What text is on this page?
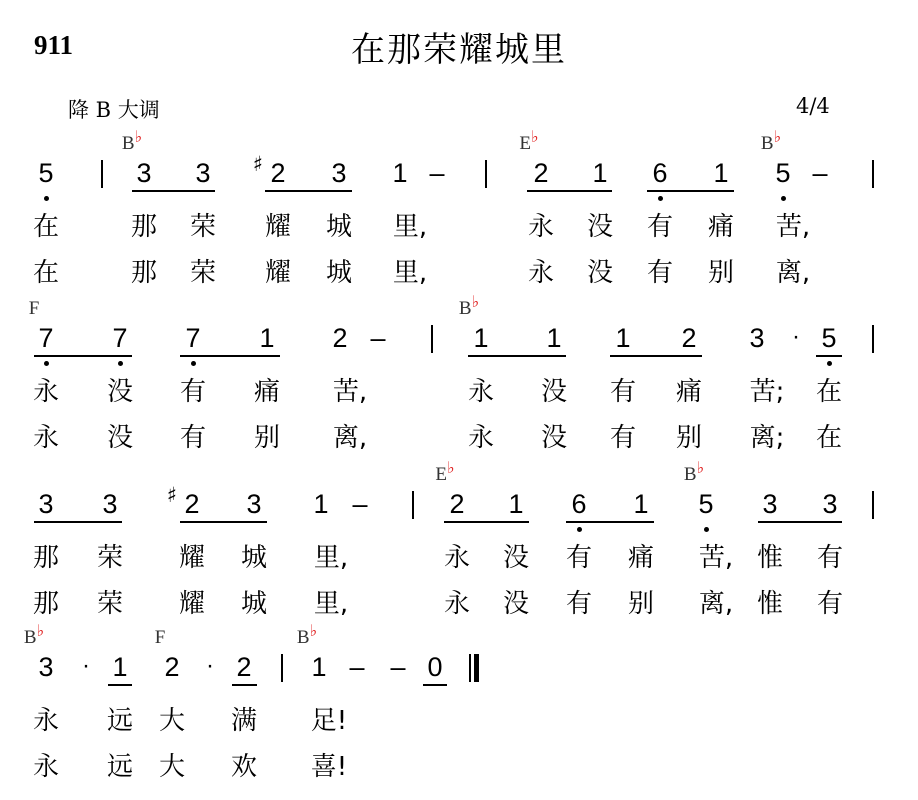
911	在那荣耀城里
降 B 大调	4/4
5	3
B♭
3 2
♯	3 1 –	2
E♭
1 6 1 5
B♭
–
在	那 荣 耀 城 里,	永 没 有 痛 苦,
在	那 荣 耀 城 里,	永 没 有 别 离,
7
F
7 7 1 2 –	1
B♭
1 1 2 3 · 5
永 没 有 痛 苦,	永 没 有 痛 苦; 在
永 没 有 别 离,	永 没 有 别 离; 在
3 3 2
♯	3 1 –	2
E♭
1 6 1 5
B♭
3 3
那 荣 耀 城 里,	永 没 有 痛 苦, 惟 有
那 荣 耀 城 里,	永 没 有 别 离, 惟 有
3
B♭
· 1 2
F
· 2 1
B♭
– – 0
永 远 大 满 足!
永 远 大 欢 喜!
